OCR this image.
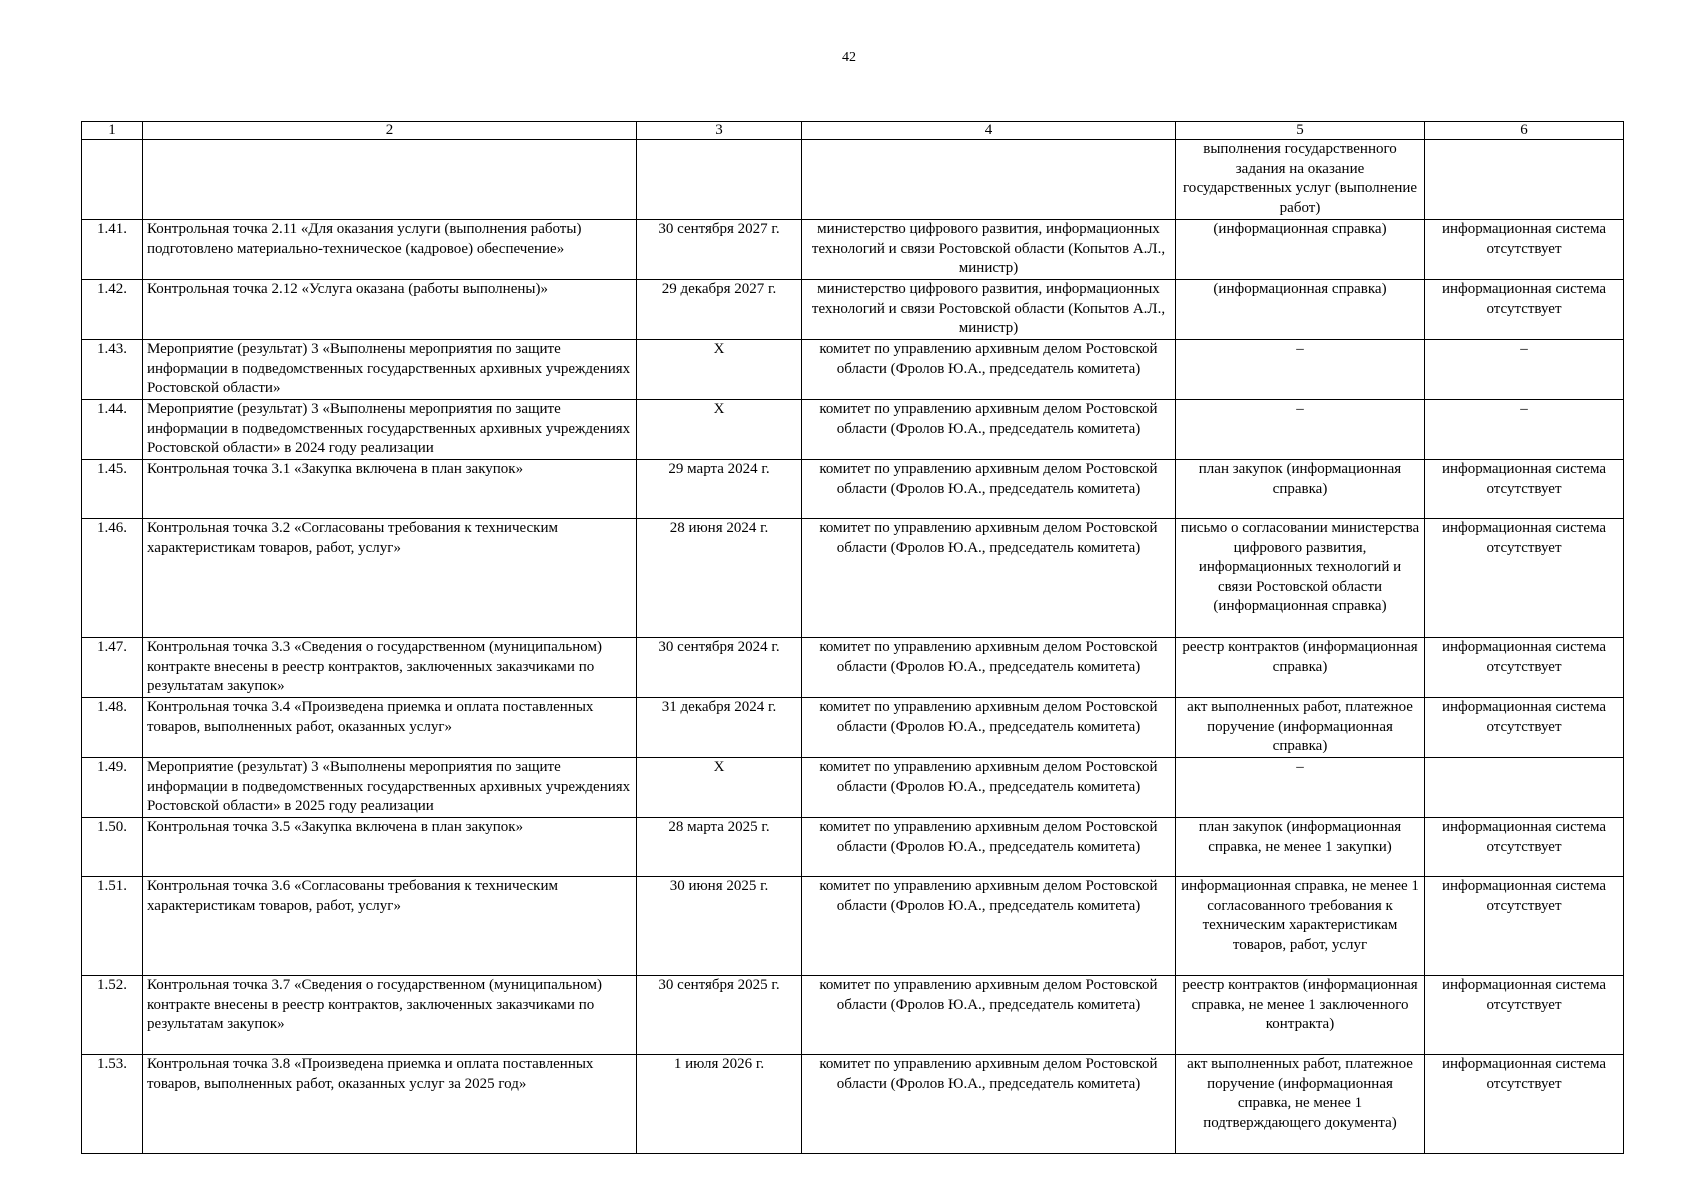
42
1	2	3	4	5	6
				выполнения государственного задания на оказание государственных услуг (выполнение работ)	
1.41.	Контрольная точка 2.11 «Для оказания услуги (выполнения работы) подготовлено материально-техническое (кадровое) обеспечение»	30 сентября 2027 г.	министерство цифрового развития, информационных технологий и связи Ростовской области (Копытов А.Л., министр)	(информационная справка)	информационная система отсутствует
1.42.	Контрольная точка 2.12 «Услуга оказана (работы выполнены)»	29 декабря 2027 г.	министерство цифрового развития, информационных технологий и связи Ростовской области (Копытов А.Л., министр)	(информационная справка)	информационная система отсутствует
1.43.	Мероприятие (результат) 3 «Выполнены мероприятия по защите информации в подведомственных государственных архивных учреждениях Ростовской области»	X	комитет по управлению архивным делом Ростовской области (Фролов Ю.А., председатель комитета)	–	–
1.44.	Мероприятие (результат) 3 «Выполнены мероприятия по защите информации в подведомственных государственных архивных учреждениях Ростовской области» в 2024 году реализации	X	комитет по управлению архивным делом Ростовской области (Фролов Ю.А., председатель комитета)	–	–
1.45.	Контрольная точка 3.1 «Закупка включена в план закупок»	29 марта 2024 г.	комитет по управлению архивным делом Ростовской области (Фролов Ю.А., председатель комитета)	план закупок (информационная справка)	информационная система отсутствует
1.46.	Контрольная точка 3.2 «Согласованы требования к техническим характеристикам товаров, работ, услуг»	28 июня 2024 г.	комитет по управлению архивным делом Ростовской области (Фролов Ю.А., председатель комитета)	письмо о согласовании министерства цифрового развития, информационных технологий и связи Ростовской области (информационная справка)	информационная система отсутствует
1.47.	Контрольная точка 3.3 «Сведения о государственном (муниципальном) контракте внесены в реестр контрактов, заключенных заказчиками по результатам закупок»	30 сентября 2024 г.	комитет по управлению архивным делом Ростовской области (Фролов Ю.А., председатель комитета)	реестр контрактов (информационная справка)	информационная система отсутствует
1.48.	Контрольная точка 3.4 «Произведена приемка и оплата поставленных товаров, выполненных работ, оказанных услуг»	31 декабря 2024 г.	комитет по управлению архивным делом Ростовской области (Фролов Ю.А., председатель комитета)	акт выполненных работ, платежное поручение (информационная справка)	информационная система отсутствует
1.49.	Мероприятие (результат) 3 «Выполнены мероприятия по защите информации в подведомственных государственных архивных учреждениях Ростовской области» в 2025 году реализации	X	комитет по управлению архивным делом Ростовской области (Фролов Ю.А., председатель комитета)	–	
1.50.	Контрольная точка 3.5 «Закупка включена в план закупок»	28 марта 2025 г.	комитет по управлению архивным делом Ростовской области (Фролов Ю.А., председатель комитета)	план закупок (информационная справка, не менее 1 закупки)	информационная система отсутствует
1.51.	Контрольная точка 3.6 «Согласованы требования к техническим характеристикам товаров, работ, услуг»	30 июня 2025 г.	комитет по управлению архивным делом Ростовской области (Фролов Ю.А., председатель комитета)	информационная справка, не менее 1 согласованного требования к техническим характеристикам товаров, работ, услуг	информационная система отсутствует
1.52.	Контрольная точка 3.7 «Сведения о государственном (муниципальном) контракте внесены в реестр контрактов, заключенных заказчиками по результатам закупок»	30 сентября 2025 г.	комитет по управлению архивным делом Ростовской области (Фролов Ю.А., председатель комитета)	реестр контрактов (информационная справка, не менее 1 заключенного контракта)	информационная система отсутствует
1.53.	Контрольная точка 3.8 «Произведена приемка и оплата поставленных товаров, выполненных работ, оказанных услуг за 2025 год»	1 июля 2026 г.	комитет по управлению архивным делом Ростовской области (Фролов Ю.А., председатель комитета)	акт выполненных работ, платежное поручение (информационная справка, не менее 1 подтверждающего документа)	информационная система отсутствует
